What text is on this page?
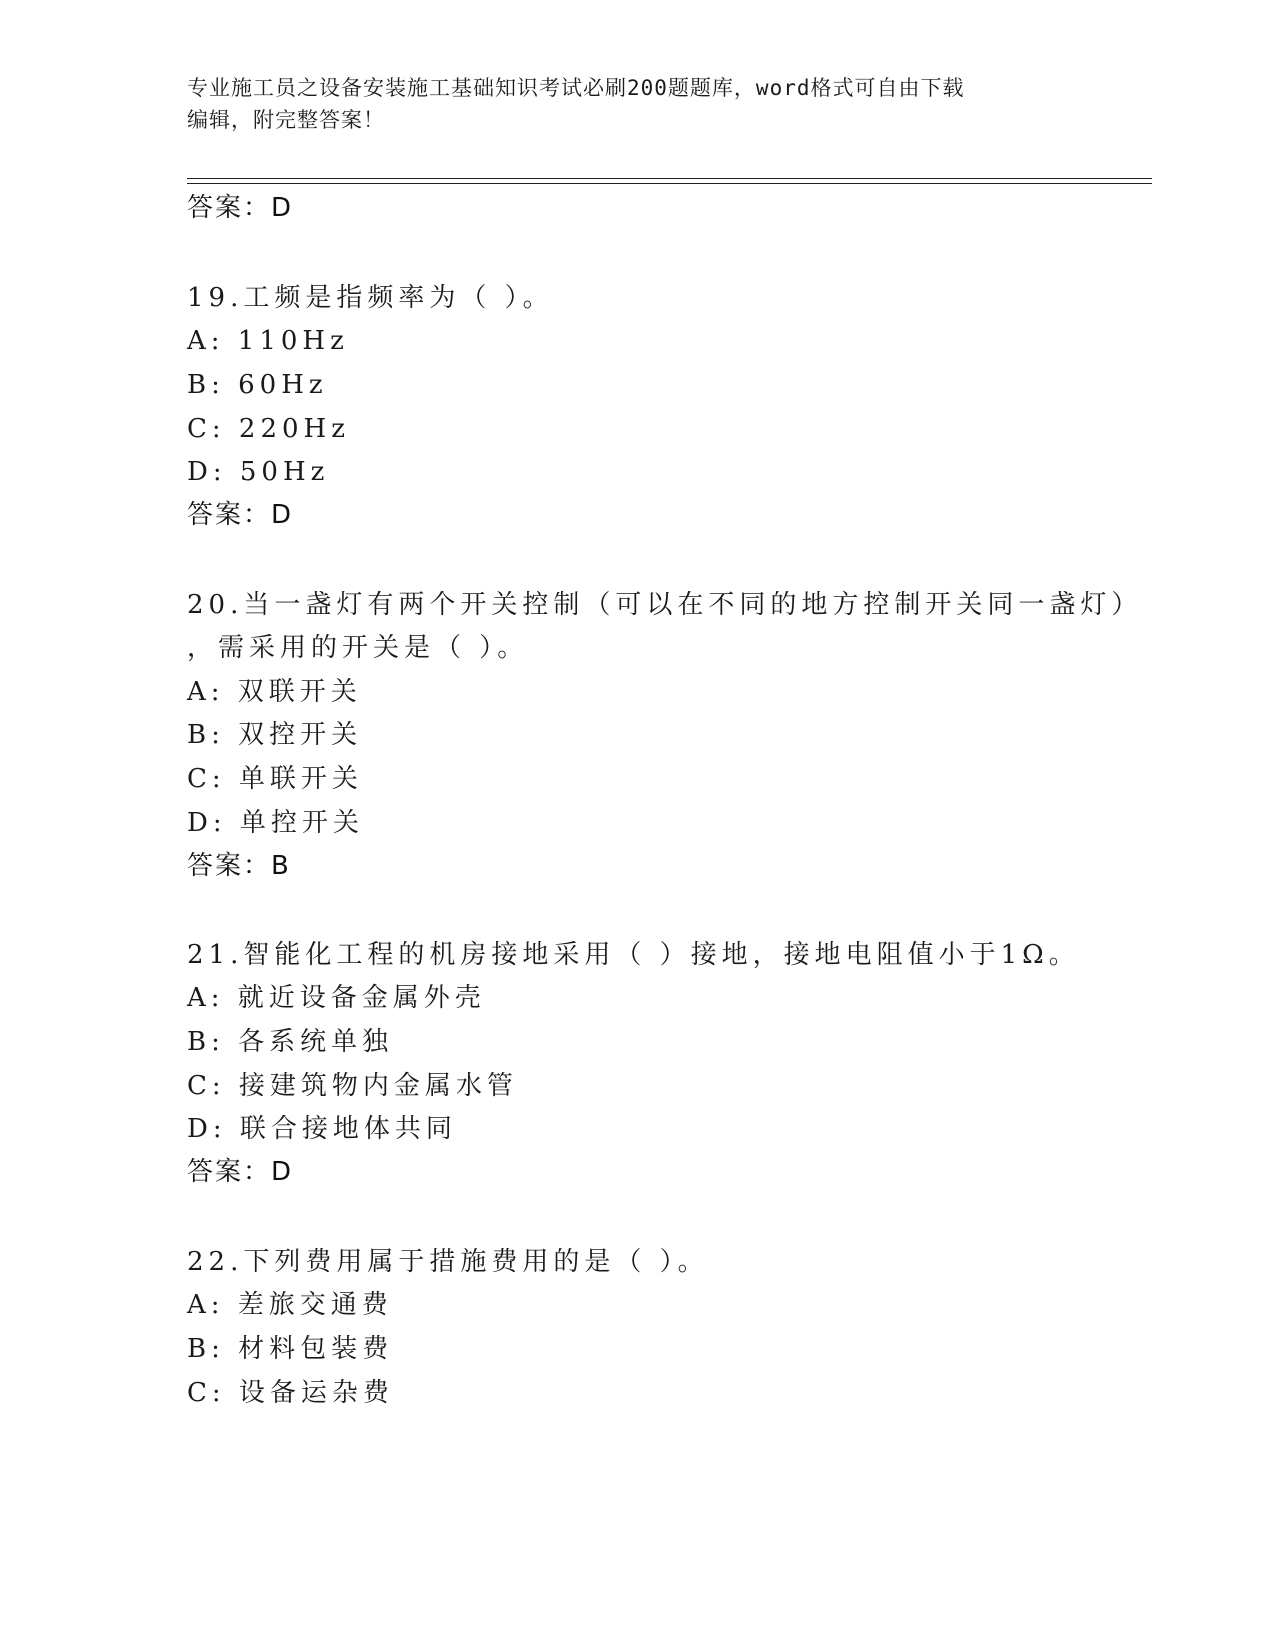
专业施工员之设备安装施工基础知识考试必刷200题题库，word格式可自由下载
编辑，附完整答案！
答案：D
19.工频是指频率为（ ）。
A: 110Hz
B: 60Hz
C: 220Hz
D: 50Hz
答案：D
20.当一盏灯有两个开关控制（可以在不同的地方控制开关同一盏灯）
，需采用的开关是（ ）。
A: 双联开关
B: 双控开关
C: 单联开关
D: 单控开关
答案：B
21.智能化工程的机房接地采用（ ）接地，接地电阻值小于1Ω。
A: 就近设备金属外壳
B: 各系统单独
C: 接建筑物内金属水管
D: 联合接地体共同
答案：D
22.下列费用属于措施费用的是（ ）。
A: 差旅交通费
B: 材料包装费
C: 设备运杂费
